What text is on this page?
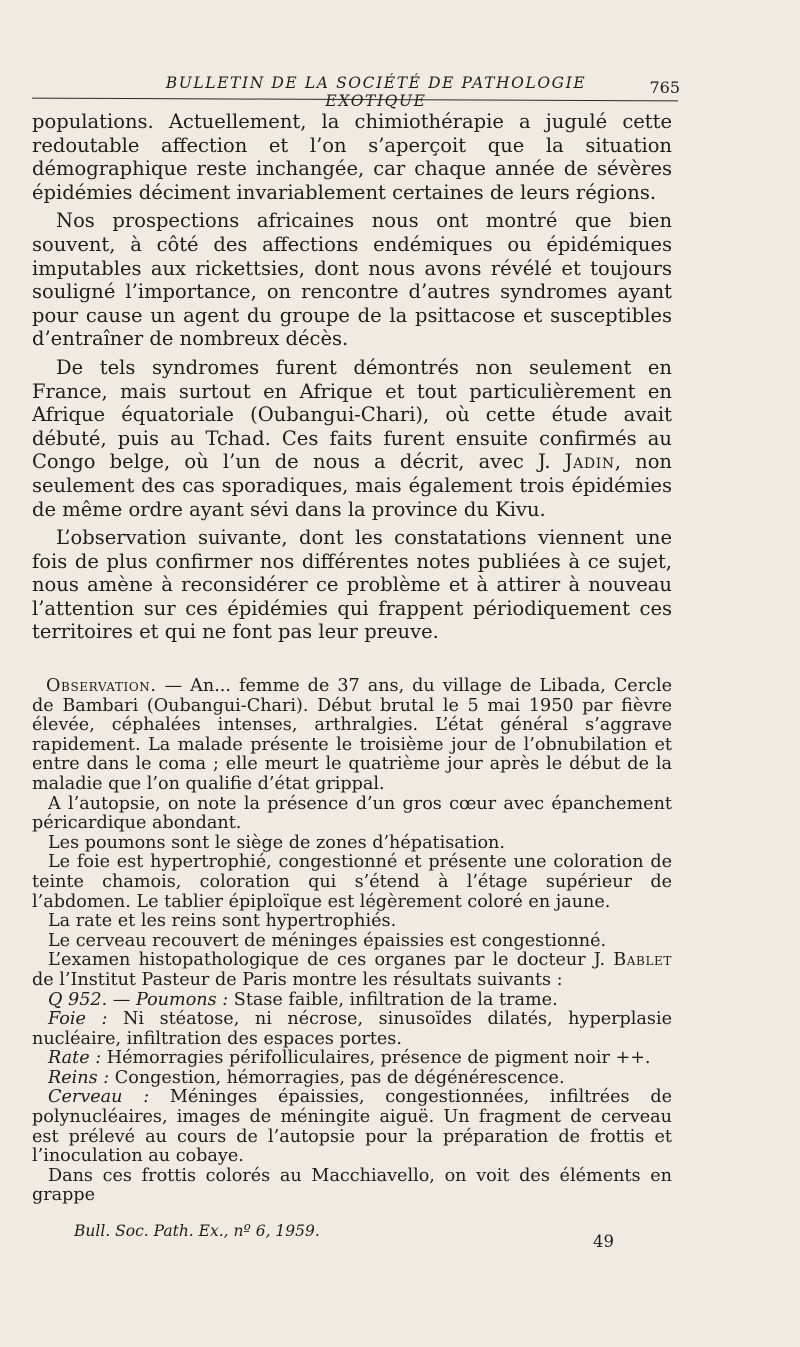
BULLETIN DE LA SOCIÉTÉ DE PATHOLOGIE EXOTIQUE
765

populations. Actuellement, la chimiothérapie a jugulé cette redoutable affection et l’on s’aperçoit que la situation démographique reste inchangée, car chaque année de sévères épidémies déciment invariablement certaines de leurs régions.

Nos prospections africaines nous ont montré que bien souvent, à côté des affections endémiques ou épidémiques imputables aux rickettsies, dont nous avons révélé et toujours souligné l’importance, on rencontre d’autres syndromes ayant pour cause un agent du groupe de la psittacose et susceptibles d’entraîner de nombreux décès.

De tels syndromes furent démontrés non seulement en France, mais surtout en Afrique et tout particulièrement en Afrique équatoriale (Oubangui-Chari), où cette étude avait débuté, puis au Tchad. Ces faits furent ensuite confirmés au Congo belge, où l’un de nous a décrit, avec J. Jadin, non seulement des cas sporadiques, mais également trois épidémies de même ordre ayant sévi dans la province du Kivu.

L’observation suivante, dont les constatations viennent une fois de plus confirmer nos différentes notes publiées à ce sujet, nous amène à reconsidérer ce problème et à attirer à nouveau l’attention sur ces épidémies qui frappent périodiquement ces territoires et qui ne font pas leur preuve.

Observation. — An... femme de 37 ans, du village de Libada, Cercle de Bambari (Oubangui-Chari). Début brutal le 5 mai 1950 par fièvre élevée, céphalées intenses, arthralgies. L’état général s’aggrave rapidement. La malade présente le troisième jour de l’obnubilation et entre dans le coma ; elle meurt le quatrième jour après le début de la maladie que l’on qualifie d’état grippal.

A l’autopsie, on note la présence d’un gros cœur avec épanchement péricardique abondant.

Les poumons sont le siège de zones d’hépatisation.

Le foie est hypertrophié, congestionné et présente une coloration de teinte chamois, coloration qui s’étend à l’étage supérieur de l’abdomen. Le tablier épiploïque est légèrement coloré en jaune.

La rate et les reins sont hypertrophiés.

Le cerveau recouvert de méninges épaissies est congestionné.

L’examen histopathologique de ces organes par le docteur J. Bablet de l’Institut Pasteur de Paris montre les résultats suivants :

Q 952. — Poumons : Stase faible, infiltration de la trame.

Foie : Ni stéatose, ni nécrose, sinusoïdes dilatés, hyperplasie nucléaire, infiltration des espaces portes.

Rate : Hémorragies périfolliculaires, présence de pigment noir ++.

Reins : Congestion, hémorragies, pas de dégénérescence.

Cerveau : Méninges épaissies, congestionnées, infiltrées de polynucléaires, images de méningite aiguë. Un fragment de cerveau est prélevé au cours de l’autopsie pour la préparation de frottis et l’inoculation au cobaye.

Dans ces frottis colorés au Macchiavello, on voit des éléments en grappe

Bull. Soc. Path. Ex., nº 6, 1959.
49
